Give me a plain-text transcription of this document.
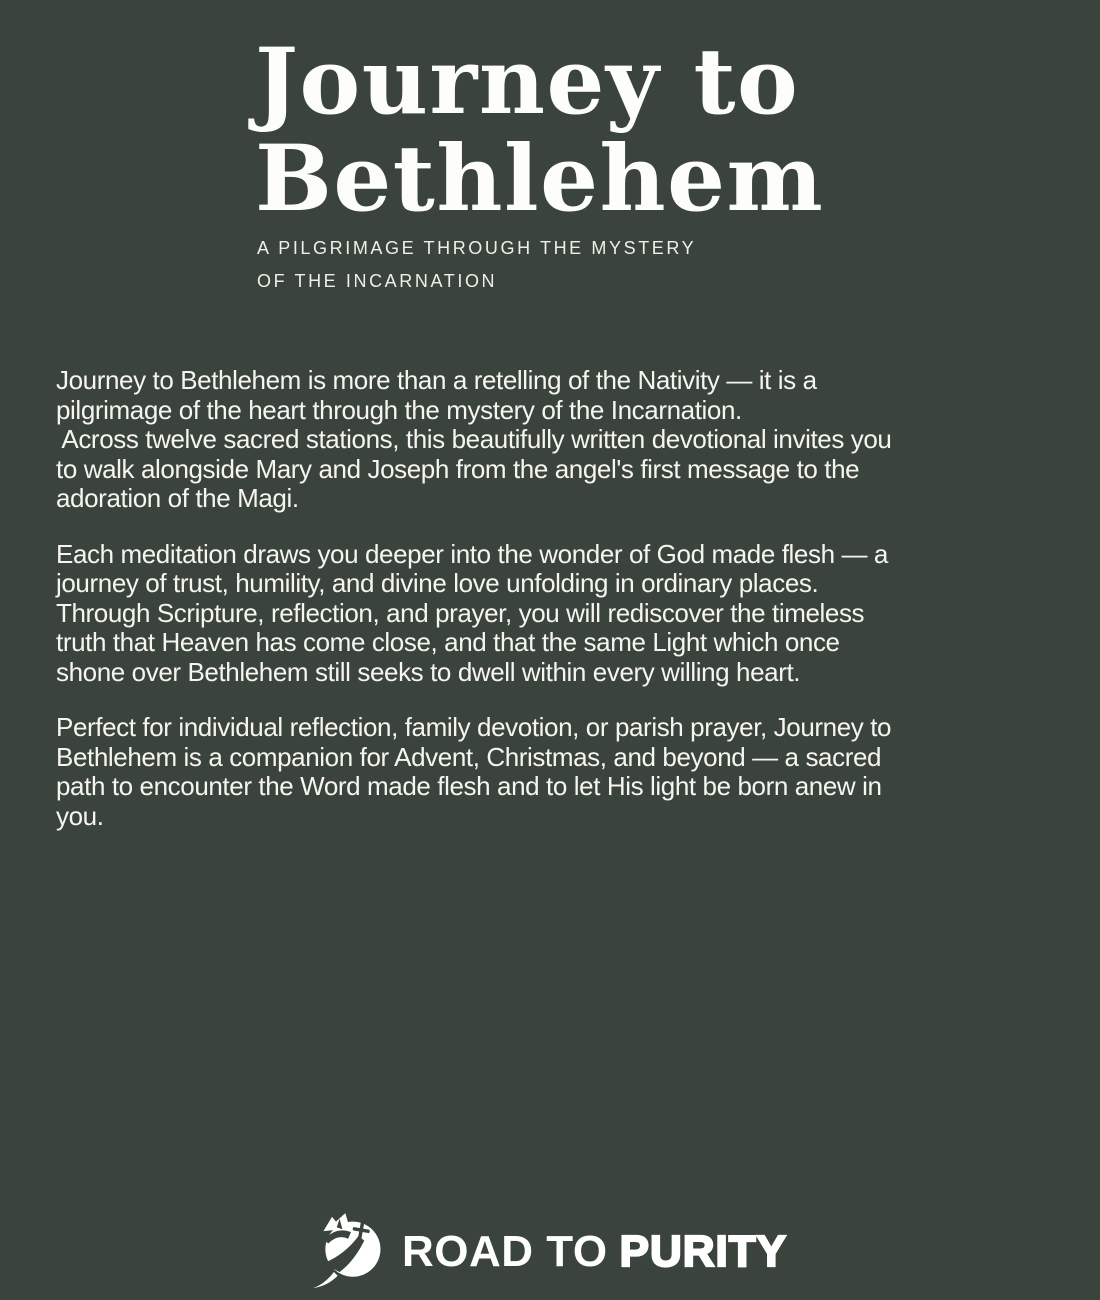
Journey to
Bethlehem

A PILGRIMAGE THROUGH THE MYSTERY
OF THE INCARNATION

Journey to Bethlehem is more than a retelling of the Nativity — it is a
pilgrimage of the heart through the mystery of the Incarnation.
Across twelve sacred stations, this beautifully written devotional invites you
to walk alongside Mary and Joseph from the angel's first message to the
adoration of the Magi.

Each meditation draws you deeper into the wonder of God made flesh — a
journey of trust, humility, and divine love unfolding in ordinary places.
Through Scripture, reflection, and prayer, you will rediscover the timeless
truth that Heaven has come close, and that the same Light which once
shone over Bethlehem still seeks to dwell within every willing heart.

Perfect for individual reflection, family devotion, or parish prayer, Journey to
Bethlehem is a companion for Advent, Christmas, and beyond — a sacred
path to encounter the Word made flesh and to let His light be born anew in
you.

ROAD TO PURITY
